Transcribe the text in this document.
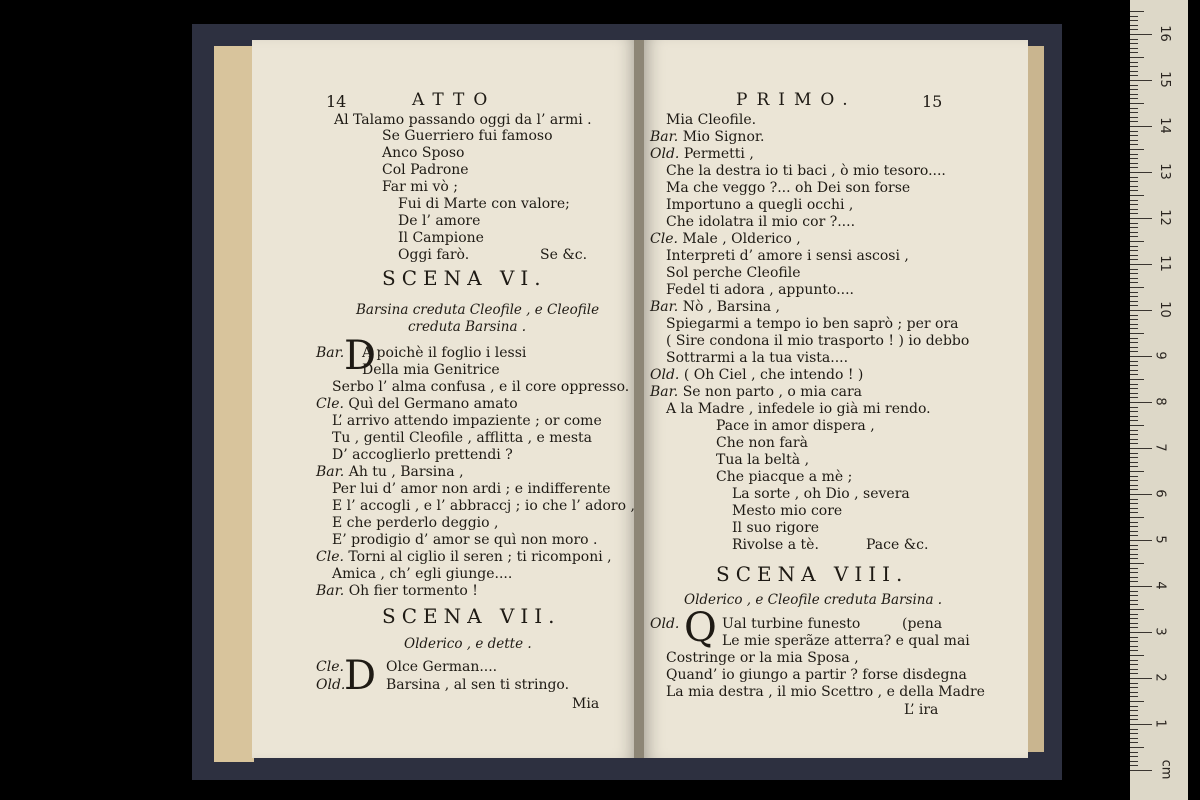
14	ATTO
SCENA VI.
Barsina creduta Cleofile , e Cleofile
creduta Barsina .
D
SCENA VII.
Olderico , e dette .
D
Mia
PRIMO.	15
SCENA VIII.
Olderico , e Cleofile creduta Barsina .
Q
L’ ira
Al Talamo passando oggi da l’ armi .
Se Guerriero fui famoso
Anco Sposo
Col Padrone
Far mi vò ;
Fui di Marte con valore;
De l’ amore
Il Campione
Oggi farò.	Se &c.
Bar. A poichè il foglio i lessi
Della mia Genitrice
Serbo l’ alma confusa , e il core oppresso.
Cle. Quì del Germano amato
L’ arrivo attendo impaziente ; or come
Tu , gentil Cleofile , afflitta , e mesta
D’ accoglierlo prettendi ?
Bar. Ah tu , Barsina ,
Per lui d’ amor non ardi ; e indifferente
E l’ accogli , e l’ abbraccj ; io che l’ adoro ,
E che perderlo deggio ,
E’ prodigio d’ amor se quì non moro .
Cle. Torni al ciglio il seren ; ti ricomponi ,
Amica , ch’ egli giunge....
Bar. Oh fier tormento !
Cle.	Olce German....
Old.	Barsina , al sen ti stringo.
Mia Cleofile.
Bar. Mio Signor.
Old. Permetti ,
Che la destra io ti baci , ò mio tesoro....
Ma che veggo ?... oh Dei son forse
Importuno a quegli occhi ,
Che idolatra il mio cor ?....
Cle. Male , Olderico ,
Interpreti d’ amore i sensi ascosi ,
Sol perche Cleofile
Fedel ti adora , appunto....
Bar. Nò , Barsina ,
Spiegarmi a tempo io ben saprò ; per ora
( Sire condona il mio trasporto ! ) io debbo
Sottrarmi a la tua vista....
Old. ( Oh Ciel , che intendo ! )
Bar. Se non parto , o mia cara
A la Madre , infedele io già mi rendo.
Pace in amor dispera ,
Che non farà
Tua la beltà ,
Che piacque a mè ;
La sorte , oh Dio , severa
Mesto mio core
Il suo rigore
Rivolse a tè.	Pace &c.
Old.	Ual turbine funesto	(pena
Le mie sperãze atterra? e qual mai
Costringe or la mia Sposa ,
Quand’ io giungo a partir ? forse disdegna
La mia destra , il mio Scettro , e della Madre
cm
1
2
3
4
5
6
7
8
9
10
11
12
13
14
15
16
